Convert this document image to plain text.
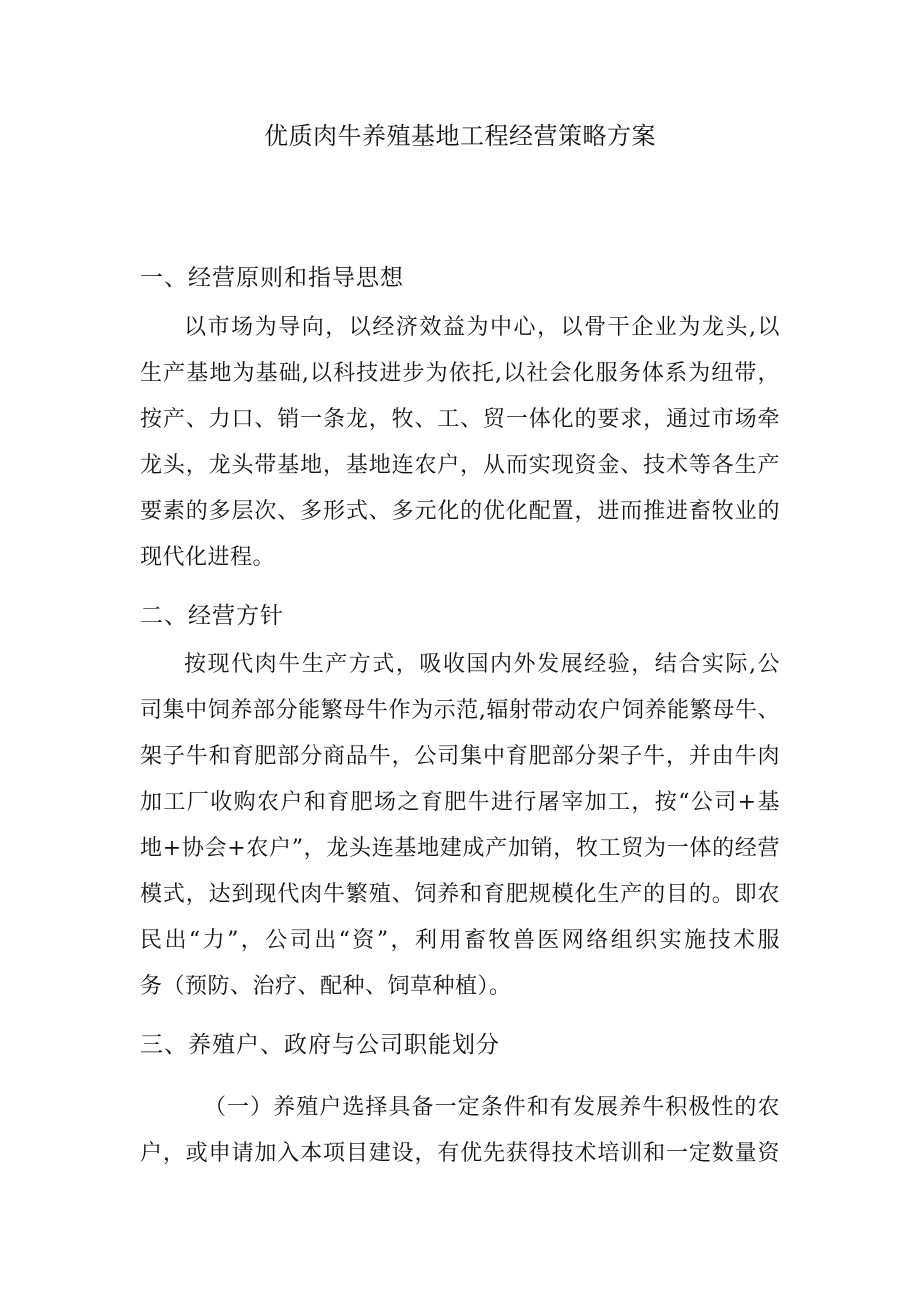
优质肉牛养殖基地工程经营策略方案
一、经营原则和指导思想
以市场为导向，以经济效益为中心，以骨干企业为龙头,以
生产基地为基础,以科技进步为依托,以社会化服务体系为纽带，
按产、力口、销一条龙，牧、工、贸一体化的要求，通过市场牵
龙头，龙头带基地，基地连农户，从而实现资金、技术等各生产
要素的多层次、多形式、多元化的优化配置，进而推进畜牧业的
现代化进程。
二、经营方针
按现代肉牛生产方式，吸收国内外发展经验，结合实际,公
司集中饲养部分能繁母牛作为示范,辐射带动农户饲养能繁母牛、
架子牛和育肥部分商品牛，公司集中育肥部分架子牛，并由牛肉
加工厂收购农户和育肥场之育肥牛进行屠宰加工，按“公司+基
地+协会+农户”，龙头连基地建成产加销，牧工贸为一体的经营
模式，达到现代肉牛繁殖、饲养和育肥规模化生产的目的。即农
民出“力”，公司出“资”，利用畜牧兽医网络组织实施技术服
务（预防、治疗、配种、饲草种植）。
三、养殖户、政府与公司职能划分
（一）养殖户选择具备一定条件和有发展养牛积极性的农
户，或申请加入本项目建设，有优先获得技术培训和一定数量资
